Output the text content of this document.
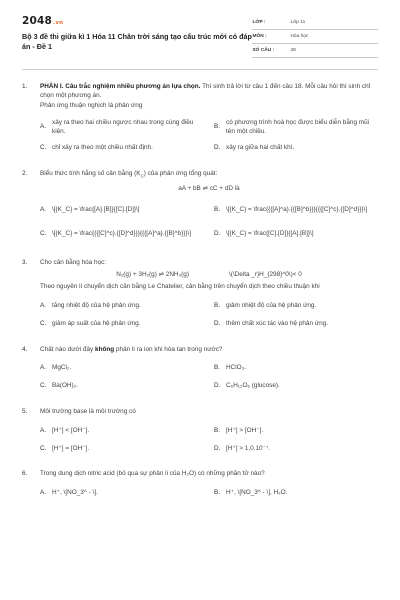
2048.vn
Bộ 3 đề thi giữa kì 1 Hóa 11 Chân trời sáng tạo cấu trúc mới có đáp án - Đề 1
LỚP :	Lớp 11
MÔN :	Hóa học
SỐ CÂU :	28
1.	PHẦN I. Câu trắc nghiệm nhiều phương án lựa chọn. Thí sinh trả lời từ câu 1 đến câu 18. Mỗi câu hỏi thí sinh chỉ chọn một phương án.
Phản ứng thuận nghịch là phản ứng
A.
xảy ra theo hai chiều ngược nhau trong cùng điều kiện.
B.
có phương trình hoá học được biểu diễn bằng mũi tên một chiều.
C. chỉ xảy ra theo một chiều nhất định.	D. xảy ra giữa hai chất khí.
2.	Biểu thức tính hằng số cân bằng $(K_C)$ của phản ứng tổng quát:
aA + bB ⇌ cC + dD là
A. \[{K_C} = \frac{[A].[B]}{[C].[D]}\]	B. \[{K_C} = \frac{{{[A]^a}.{{[B]^b}}}{{{[C]^c}.{[D]^d}}}\]
C. \[{K_C} = \frac{{{[C]^c}.{[D]^d}}}{{{[A]^a}.{[B]^b}}}\]	D. \[{K_C} = \frac{[C].[D]}{[A].[B]}\]
3.	Cho cân bằng hóa học:
N₂(g) + 3H₂(g) ⇌ 2NH₃(g)	\(\Delta _r}H_{298}^0\)< 0
Theo nguyên lí chuyển dịch cân bằng Le Chatelier, cân bằng trên chuyển dịch theo chiều thuận khi
A. tăng nhiệt độ của hệ phản ứng.	B. giảm nhiệt độ của hệ phản ứng.
C. giảm áp suất của hệ phản ứng.	D. thêm chất xúc tác vào hệ phản ứng.
4.	Chất nào dưới đây không phân li ra ion khi hòa tan trong nước?
A. MgCl₂.	B. HClO₃.
C. Ba(OH)₂.	D. C₆H₁₂O₆ (glucose).
5.	Môi trường base là môi trường có
A. [H⁺] < [OH⁻].	B. [H⁺] > [OH⁻].
C. [H⁺] = [OH⁻].	D. [H⁺] > 1,0.10⁻⁷.
6.	Trong dung dịch nitric acid (bỏ qua sự phân li của H₂O) có những phần tử nào?
A. H⁺, \[NO_3^ - \].	B. H⁺, \[NO_3^ - \], H₂O.
